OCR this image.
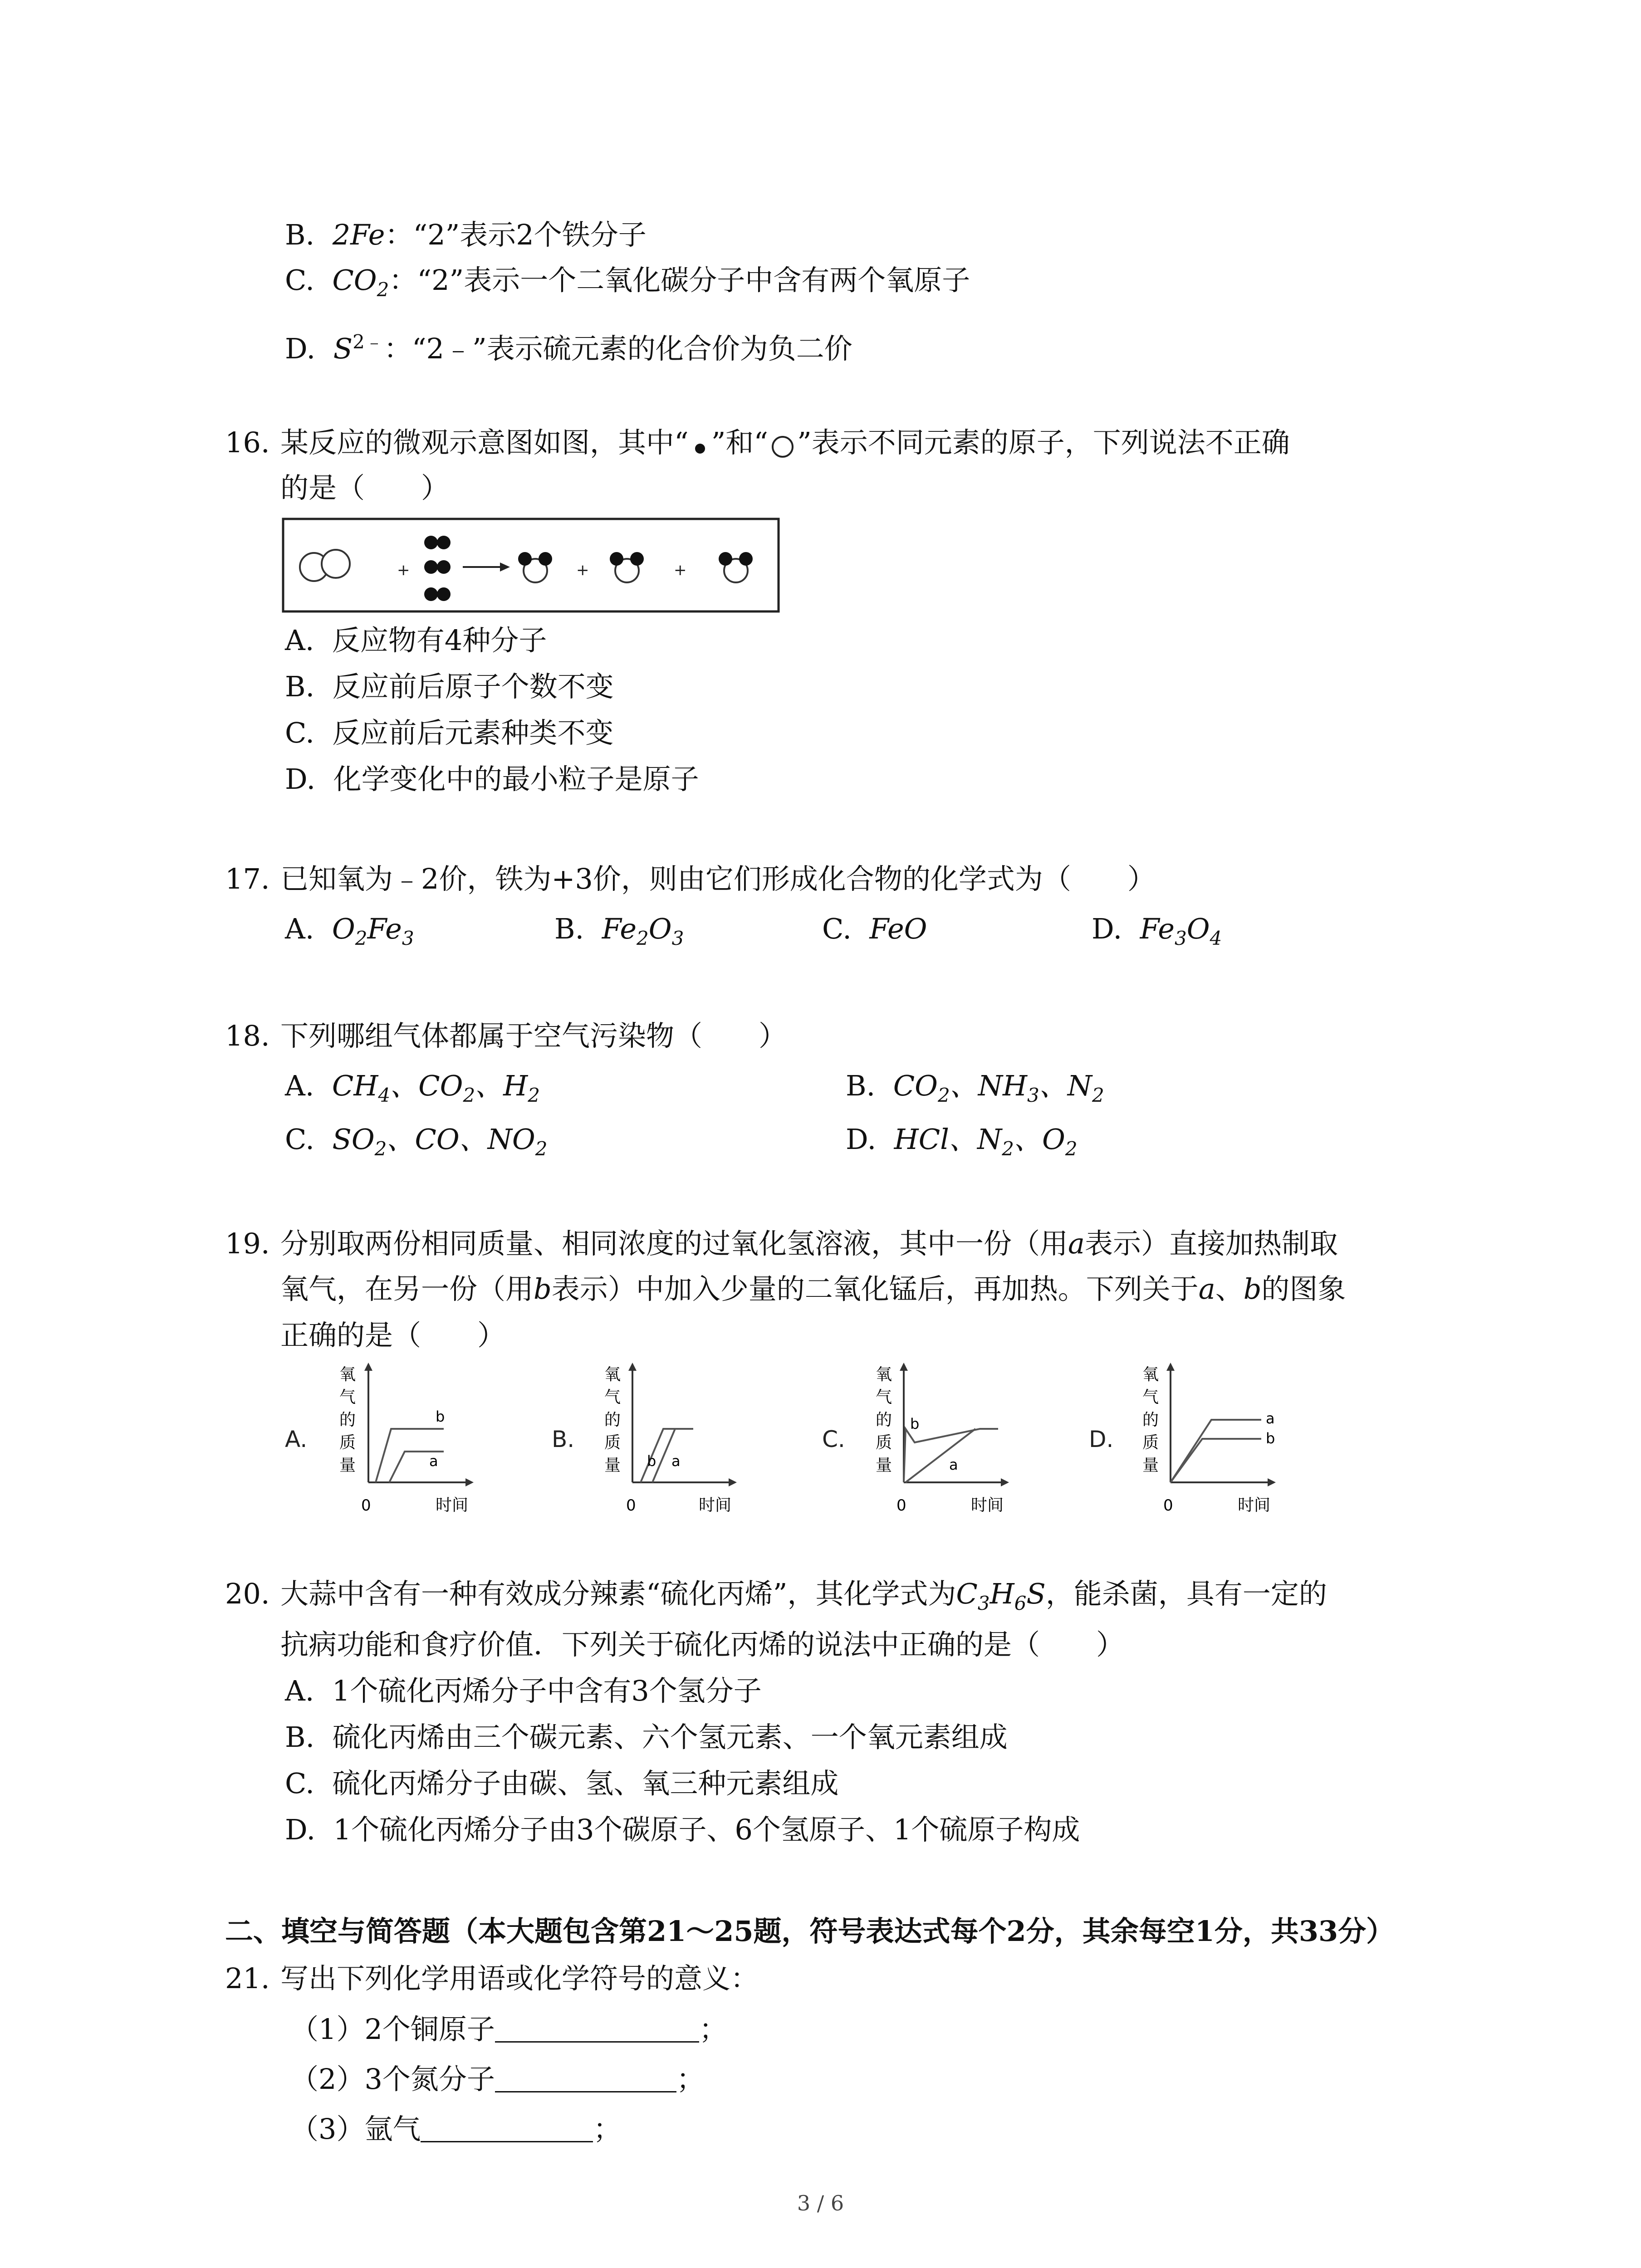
B. 2Fe：“2”表示2个铁分子
C. $CO_2$：“2”表示一个二氧化碳分子中含有两个氧原子
D. $S^{2﹣}$：“2﹣”表示硫元素的化合价为负二价
16. 某反应的微观示意图如图，其中“ ”和“ ”表示不同元素的原子，下列说法不正确
的是（　　）
+	+	+
A. 反应物有4种分子
B. 反应前后原子个数不变
C. 反应前后元素种类不变
D. 化学变化中的最小粒子是原子
17. 已知氧为﹣2价，铁为+3价，则由它们形成化合物的化学式为（　　）
A. $O_2Fe_3$	B. $Fe_2O_3$	C. FeO	D. $Fe_3O_4$
18. 下列哪组气体都属于空气污染物（　　）
A. $CH_4$、$CO_2$、$H_2$	B. $CO_2$、$NH_3$、$N_2$
C. $SO_2$、CO、$NO_2$	D. HCl、$N_2$、$O_2$
19. 分别取两份相同质量、相同浓度的过氧化氢溶液，其中一份（用a表示）直接加热制取
氧气，在另一份（用b表示）中加入少量的二氧化锰后，再加热。下列关于a、b的图象
正确的是（　　）
A.
氧
气
的
质
量
0	时间
b
a
B.
氧
气
的
质
量
0	时间
b a
C.
氧
气
的
质
量
0	时间
b
a
D.
氧
气
的
质
量
0	时间
a
b
20. 大蒜中含有一种有效成分辣素“硫化丙烯”，其化学式为$C_3H_6S$，能杀菌，具有一定的
抗病功能和食疗价值．下列关于硫化丙烯的说法中正确的是（　　）
A. 1个硫化丙烯分子中含有3个氢分子
B. 硫化丙烯由三个碳元素、六个氢元素、一个氧元素组成
C. 硫化丙烯分子由碳、氢、氧三种元素组成
D. 1个硫化丙烯分子由3个碳原子、6个氢原子、1个硫原子构成
二、填空与简答题（本大题包含第21～25题，符号表达式每个2分，其余每空1分，共33分）
21. 写出下列化学用语或化学符号的意义：
（1）2个铜原子	；
（2）3个氮分子	；
（3）氩气	；
3 / 6
